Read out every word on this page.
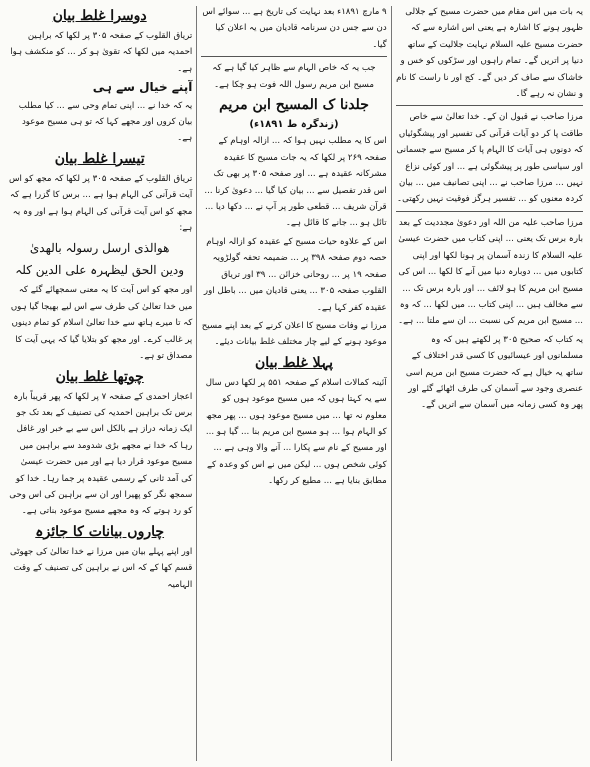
یہ بات میں اس مقام میں حضرت مسیح کے جلالی ظہور ہونے کا اشارہ ہے یعنی اس اشارہ سے کہ حضرت مسیح علیہ السلام نہایت جلالیت کے ساتھ دنیا پر اتریں گے۔ تمام راہوں اور سڑکوں کو خس و خاشاک سے صاف کر دیں گے۔ کج اور نا راست کا نام و نشان نہ رہے گا۔

مرزا صاحب نے قبول ان کے۔ خدا تعالیٰ سے خاص طاقت پا کر دو آیات قرآنی کی تفسیر اور پیشگوئیاں کہ دونوں ہی آیات کا الہام پا کر مسیح سے جسمانی اور سیاسی طور پر پیشگوئی ہے ... اور کوئی نزاع نہیں ... مرزا صاحب نے ... اپنی تصانیف میں ... بیان کردہ معنوں کو ... تفسیر ہرگز فوقیت نہیں رکھتی۔

مرزا صاحب علیہ من اللہ اور دعویٰ مجددیت کے بعد بارہ برس تک یعنی ... اپنی کتاب میں حضرت عیسیٰ علیہ السلام کا زندہ آسمان پر ہونا لکھا اور اپنی کتابوں میں ... دوبارہ دنیا میں آنے کا لکھا ... اس کی مسیح ابن مریم کا ہو لائف ... اور بارہ برس تک ... سے مخالف ہیں ... اپنی کتاب ... میں لکھا ... کہ وہ ... مسیح ابن مریم کی نسبت ... ان سے ملتا ... ہے۔

یہ کتاب کہ صحیح ۳۰۵ پر لکھتے ہیں کہ وہ مسلمانوں اور عیسائیوں کا کسی قدر اختلاف کے ساتھ یہ خیال ہے کہ حضرت مسیح ابن مریم اسی عنصری وجود سے آسمان کی طرف اٹھائے گئے اور پھر وہ کسی زمانہ میں آسمان سے اتریں گے۔

۹ مارچ ۱۸۹۱ء بعد نہایت کی تاریخ ہے ... سوائے اس دن سے جس دن سرنامہ قادیان میں یہ اعلان کیا گیا۔

جب یہ کہ خاص الہام سے ظاہر کیا گیا ہے کہ مسیح ابن مریم رسول اللہ فوت ہو چکا ہے۔

جلدنا ک المسیح ابن مریم
(زندگرہ ط ۱۸۹۱ء)

اس کا یہ مطلب نہیں ہوا کہ ... ازالہ اوہام کے صفحہ ۲۶۹ پر لکھا کہ یہ جات مسیح کا عقیدہ مشرکانہ عقیدہ ہے ... اور صفحہ ۳۰۵ پر بھی تک اس قدر تفصیل سے ... بیان کیا گیا ... دعویٰ کرنا ... قرآن شریف ... قطعی طور پر آپ نے ... دکھا دیا ... تائل ہو ... جانے کا قائل ہے۔

اس کے علاوہ حیات مسیح کے عقیدہ کو ازالہ اوہام حصہ دوم صفحہ ۳۹۸ پر ... ضمیمہ تحفہ گولڑویہ صفحہ ۱۹ پر ... روحانی خزائن ... ۳۹ اور تریاق القلوب صفحہ ۳۰۵ ... یعنی قادیان میں ... باطل اور عقیدہ کفر کہا ہے۔

مرزا نے وفات مسیح کا اعلان کرنے کے بعد اپنے مسیح موعود ہونے کے لیے چار مختلف غلط بیانات دیئے۔

پہلا غلط بیان

آئینہ کمالات اسلام کے صفحہ ۵۵۱ پر لکھا دس سال سے یہ کہتا ہوں کہ میں مسیح موعود ہوں کو معلوم نہ تھا ... میں مسیح موعود ہوں ... پھر مجھ کو الہام ہوا ... ہو مسیح ابن مریم بنا ... گیا ہو ... اور مسیح کے نام سے پکارا ... آنے والا وہی ہے ... کوئی شخص ہوں ... لیکن میں نے اس کو وعدہ کے مطابق بنایا ہے ... مطیع کر رکھا۔

دوسرا غلط بیان

تریاق القلوب کے صفحہ ۳۰۵ پر لکھا کہ براہین احمدیہ میں لکھا کہ تقویٰ ہو کر ... کو منکشف ہوا ہے۔

آپنے خیال سے ہی

یہ کہ خدا نے ... اپنی تمام وحی سے ... کیا مطلب بیان کروں اور مجھے کہا کہ تو ہی مسیح موعود ہے۔

تیسرا غلط بیان

تریاق القلوب کے صفحہ ۳۰۵ پر لکھا کہ مجھ کو اس آیت قرآنی کی الہام ہوا ہے ... برس کا گزرا ہے کہ مجھ کو اس آیت قرآنی کی الہام ہوا ہے اور وہ یہ ہے:

ھوالذی ارسل رسولہ بالھدیٰ
ودین الحق لیظہرہ علی الدین کلہ

اور مجھ کو اس آیت کا یہ معنی سمجھائے گئے کہ میں خدا تعالیٰ کی طرف سے اس لیے بھیجا گیا ہوں کہ تا میرے ہاتھ سے خدا تعالیٰ اسلام کو تمام دینوں پر غالب کرے۔ اور مجھ کو بتلایا گیا کہ یہی آیت کا مصداق تو ہے۔

چوتھا غلط بیان

اعجاز احمدی کے صفحہ ۷ پر لکھا کہ پھر قریباً بارہ برس تک براہین احمدیہ کی تصنیف کے بعد تک جو ایک زمانہ دراز ہے بالکل اس سے بے خبر اور غافل رہا کہ خدا نے مجھے بڑی شدومد سے براہین میں مسیح موعود قرار دیا ہے اور میں حضرت عیسیٰ کی آمد ثانی کے رسمی عقیدہ پر جما رہا۔ خدا کو سمجھ نگر کو پھیرا اور ان سے براہین کی اس وحی کو رد ہوتے کہ وہ مجھے مسیح موعود بناتی ہے۔

چاروں بیانات کا جائزہ

اور اپنے پہلے بیان میں مرزا نے خدا تعالیٰ کی جھوٹی قسم کھا کے کہ اس نے براہین کی تصنیف کے وقت الہامیہ
